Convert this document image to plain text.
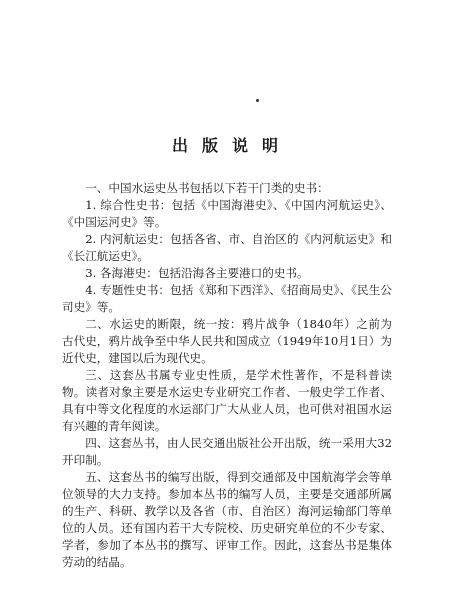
出版说明

一、中国水运史丛书包括以下若干门类的史书：

1. 综合性史书：包括《中国海港史》、《中国内河航运史》、《中国运河史》等。

2. 内河航运史：包括各省、市、自治区的《内河航运史》和《长江航运史》。

3. 各海港史：包括沿海各主要港口的史书。

4. 专题性史书：包括《郑和下西洋》、《招商局史》、《民生公司史》等。

二、水运史的断限，统一按：鸦片战争（1840年）之前为古代史，鸦片战争至中华人民共和国成立（1949年10月1日）为近代史，建国以后为现代史。

三、这套丛书属专业史性质，是学术性著作，不是科普读物。读者对象主要是水运史专业研究工作者、一般史学工作者、具有中等文化程度的水运部门广大从业人员，也可供对祖国水运有兴趣的青年阅读。

四、这套丛书，由人民交通出版社公开出版，统一采用大32开印制。

五、这套丛书的编写出版，得到交通部及中国航海学会等单位领导的大力支持。参加本丛书的编写人员，主要是交通部所属的生产、科研、教学以及各省（市、自治区）海河运输部门等单位的人员。还有国内若干大专院校、历史研究单位的不少专家、学者，参加了本丛书的撰写、评审工作。因此，这套丛书是集体劳动的结晶。
